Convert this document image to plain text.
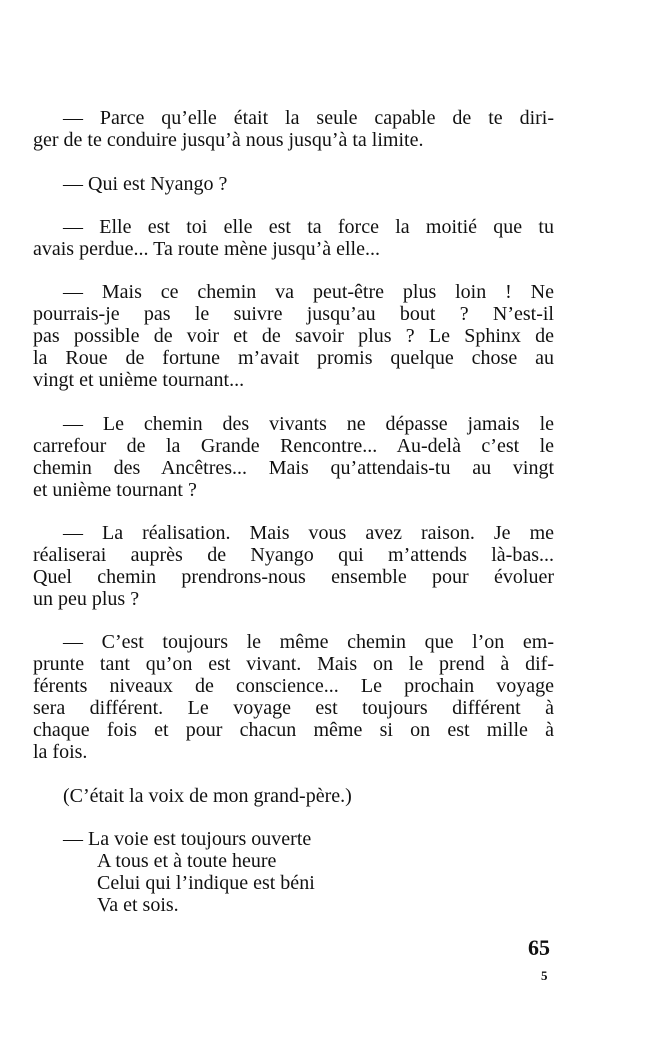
— Parce qu’elle était la seule capable de te diri-
ger de te conduire jusqu’à nous jusqu’à ta limite.
— Qui est Nyango ?
— Elle est toi elle est ta force la moitié que tu
avais perdue... Ta route mène jusqu’à elle...
— Mais ce chemin va peut-être plus loin ! Ne
pourrais-je pas le suivre jusqu’au bout ? N’est-il
pas possible de voir et de savoir plus ? Le Sphinx de
la Roue de fortune m’avait promis quelque chose au
vingt et unième tournant...
— Le chemin des vivants ne dépasse jamais le
carrefour de la Grande Rencontre... Au-delà c’est le
chemin des Ancêtres... Mais qu’attendais-tu au vingt
et unième tournant ?
— La réalisation. Mais vous avez raison. Je me
réaliserai auprès de Nyango qui m’attends là-bas...
Quel chemin prendrons-nous ensemble pour évoluer
un peu plus ?
— C’est toujours le même chemin que l’on em-
prunte tant qu’on est vivant. Mais on le prend à dif-
férents niveaux de conscience... Le prochain voyage
sera différent. Le voyage est toujours différent à
chaque fois et pour chacun même si on est mille à
la fois.
(C’était la voix de mon grand-père.)
— La voie est toujours ouverte
A tous et à toute heure
Celui qui l’indique est béni
Va et sois.
65
5
